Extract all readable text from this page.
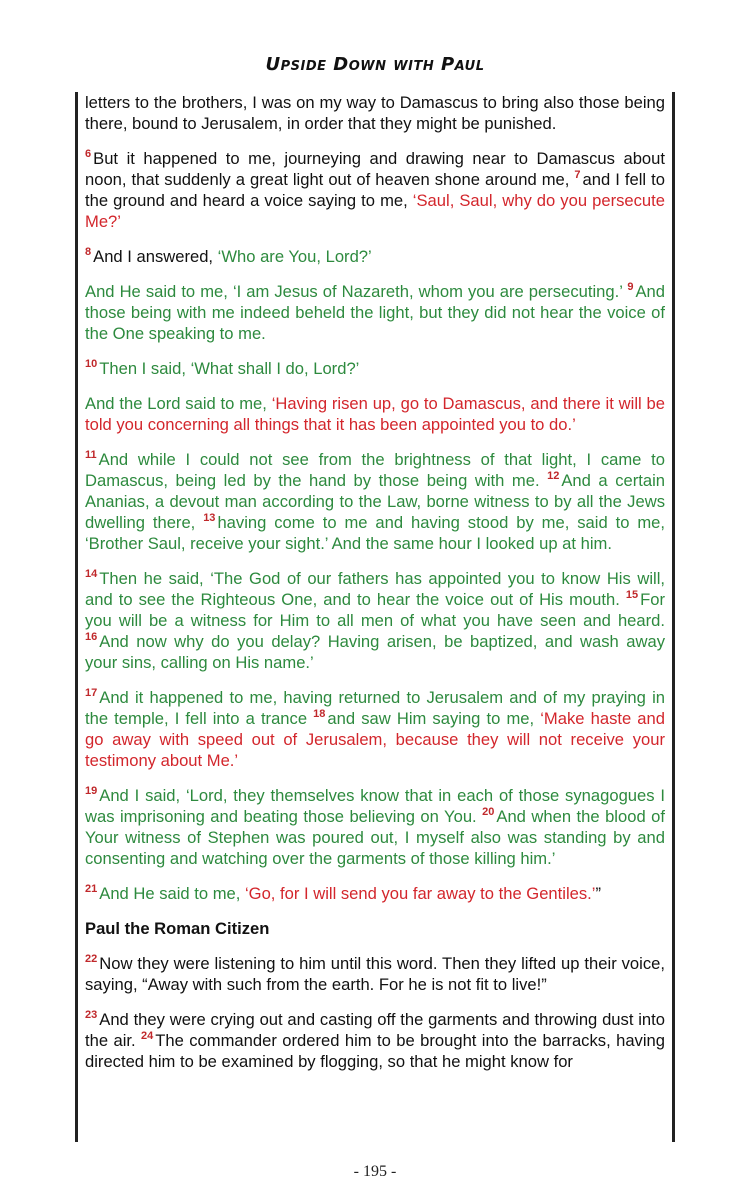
Upside Down with Paul

letters to the brothers, I was on my way to Damascus to bring also those being there, bound to Jerusalem, in order that they might be punished.

$^6$ But it happened to me, journeying and drawing near to Damascus about noon, that suddenly a great light out of heaven shone around me, $^7$ and I fell to the ground and heard a voice saying to me, ‘Saul, Saul, why do you persecute Me?’

$^8$ And I answered, ‘Who are You, Lord?’

And He said to me, ‘I am Jesus of Nazareth, whom you are persecuting.’ $^9$ And those being with me indeed beheld the light, but they did not hear the voice of the One speaking to me.

$^{10}$ Then I said, ‘What shall I do, Lord?’

And the Lord said to me, ‘Having risen up, go to Damascus, and there it will be told you concerning all things that it has been appointed you to do.’

$^{11}$ And while I could not see from the brightness of that light, I came to Damascus, being led by the hand by those being with me. $^{12}$ And a certain Ananias, a devout man according to the Law, borne witness to by all the Jews dwelling there, $^{13}$ having come to me and having stood by me, said to me, ‘Brother Saul, receive your sight.’ And the same hour I looked up at him.

$^{14}$ Then he said, ‘The God of our fathers has appointed you to know His will, and to see the Righteous One, and to hear the voice out of His mouth. $^{15}$ For you will be a witness for Him to all men of what you have seen and heard. $^{16}$ And now why do you delay? Having arisen, be baptized, and wash away your sins, calling on His name.’

$^{17}$ And it happened to me, having returned to Jerusalem and of my praying in the temple, I fell into a trance $^{18}$ and saw Him saying to me, ‘Make haste and go away with speed out of Jerusalem, because they will not receive your testimony about Me.’

$^{19}$ And I said, ‘Lord, they themselves know that in each of those synagogues I was imprisoning and beating those believing on You. $^{20}$ And when the blood of Your witness of Stephen was poured out, I myself also was standing by and consenting and watching over the garments of those killing him.’

$^{21}$ And He said to me, ‘Go, for I will send you far away to the Gentiles.’”

Paul the Roman Citizen

$^{22}$ Now they were listening to him until this word. Then they lifted up their voice, saying, “Away with such from the earth. For he is not fit to live!”

$^{23}$ And they were crying out and casting off the garments and throwing dust into the air. $^{24}$ The commander ordered him to be brought into the barracks, having directed him to be examined by flogging, so that he might know for

- 195 -
